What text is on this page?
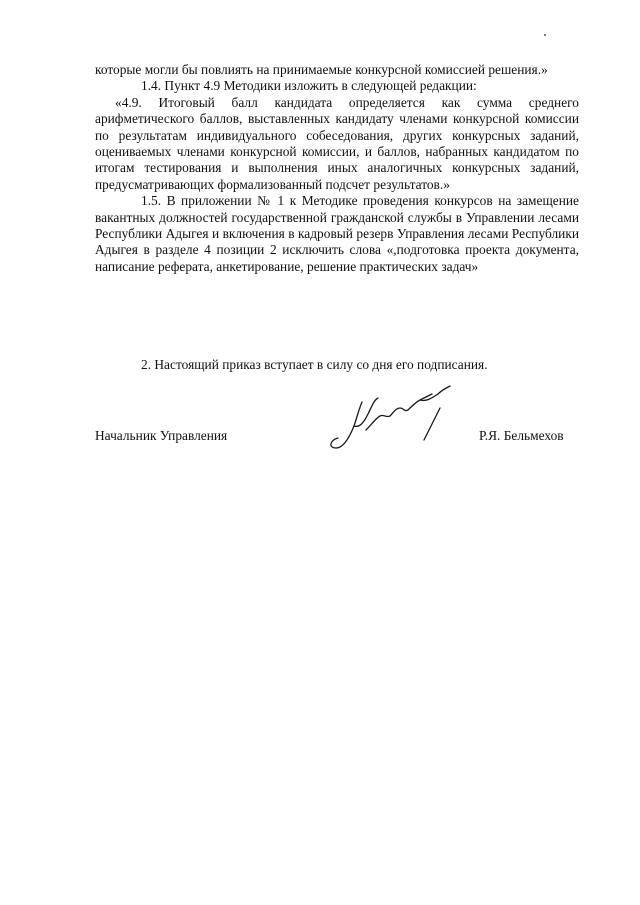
которые могли бы повлиять на принимаемые конкурсной комиссией решения.»

1.4. Пункт 4.9 Методики изложить в следующей редакции:

«4.9. Итоговый балл кандидата определяется как сумма среднего арифметического баллов, выставленных кандидату членами конкурсной комиссии по результатам индивидуального собеседования, других конкурсных заданий, оцениваемых членами конкурсной комиссии, и баллов, набранных кандидатом по итогам тестирования и выполнения иных аналогичных конкурсных заданий, предусматривающих формализованный подсчет результатов.»

1.5. В приложении № 1 к Методике проведения конкурсов на замещение вакантных должностей государственной гражданской службы в Управлении лесами Республики Адыгея и включения в кадровый резерв Управления лесами Республики Адыгея в разделе 4 позиции 2 исключить слова «,подготовка проекта документа, написание реферата, анкетирование, решение практических задач»

2. Настоящий приказ вступает в силу со дня его подписания.
Начальник Управления	Р.Я. Бельмехов
